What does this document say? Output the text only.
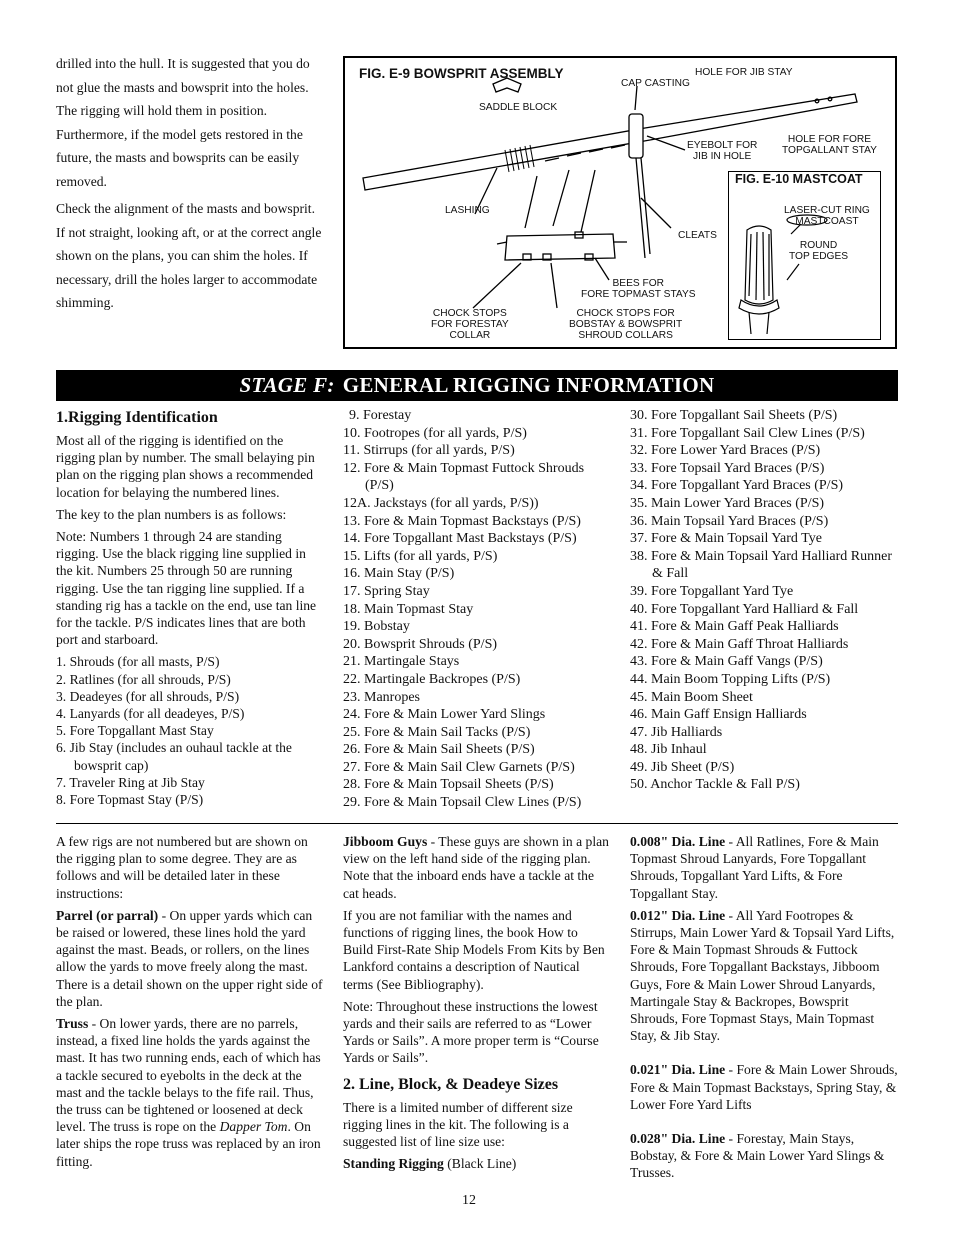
drilled into the hull. It is suggested that you do not glue the masts and bowsprit into the holes. The rigging will hold them in position. Furthermore, if the model gets restored in the future, the masts and bowsprits can be easily removed.

Check the alignment of the masts and bowsprit. If not straight, looking aft, or at the correct angle shown on the plans, you can shim the holes. If necessary, drill the holes larger to accommodate shimming.

FIG. E-9 BOWSPRIT ASSEMBLY
SADDLE BLOCK
CAP CASTING
HOLE FOR JIB STAY
EYEBOLT FOR
JIB IN HOLE
HOLE FOR FORE
TOPGALLANT STAY
LASHING
CLEATS
BEES FOR
FORE TOPMAST STAYS
CHOCK STOPS
FOR FORESTAY
COLLAR
CHOCK STOPS FOR
BOBSTAY & BOWSPRIT
SHROUD COLLARS
FIG. E-10 MASTCOAT
LASER-CUT RING
MASTCOAST
ROUND
TOP EDGES
STAGE F: GENERAL RIGGING INFORMATION
1.Rigging Identification

Most all of the rigging is identified on the rigging plan by number. The small belaying pin plan on the rigging plan shows a recommended location for belaying the numbered lines.

The key to the plan numbers is as follows:

Note: Numbers 1 through 24 are standing rigging. Use the black rigging line supplied in the kit. Numbers 25 through 50 are running rigging. Use the tan rigging line supplied. If a standing rig has a tackle on the end, use tan line for the tackle. P/S indicates lines that are both port and starboard.

1. Shrouds (for all masts, P/S)
2. Ratlines (for all shrouds, P/S)
3. Deadeyes (for all shrouds, P/S)
4. Lanyards (for all deadeyes, P/S)
5. Fore Topgallant Mast Stay
6. Jib Stay (includes an ouhaul tackle at the bowsprit cap)
7. Traveler Ring at Jib Stay
8. Fore Topmast Stay (P/S)
9. Forestay
10. Footropes (for all yards, P/S)
11. Stirrups (for all yards, P/S)
12. Fore & Main Topmast Futtock Shrouds (P/S)
12A. Jackstays (for all yards, P/S))
13. Fore & Main Topmast Backstays (P/S)
14. Fore Topgallant Mast Backstays (P/S)
15. Lifts (for all yards, P/S)
16. Main Stay (P/S)
17. Spring Stay
18. Main Topmast Stay
19. Bobstay
20. Bowsprit Shrouds (P/S)
21. Martingale Stays
22. Martingale Backropes (P/S)
23. Manropes
24. Fore & Main Lower Yard Slings
25. Fore & Main Sail Tacks (P/S)
26. Fore & Main Sail Sheets (P/S)
27. Fore & Main Sail Clew Garnets (P/S)
28. Fore & Main Topsail Sheets (P/S)
29. Fore & Main Topsail Clew Lines (P/S)
30. Fore Topgallant Sail Sheets (P/S)
31. Fore Topgallant Sail Clew Lines (P/S)
32. Fore Lower Yard Braces (P/S)
33. Fore Topsail Yard Braces (P/S)
34. Fore Topgallant Yard Braces (P/S)
35. Main Lower Yard Braces (P/S)
36. Main Topsail Yard Braces (P/S)
37. Fore & Main Topsail Yard Tye
38. Fore & Main Topsail Yard Halliard Runner & Fall
39. Fore Topgallant Yard Tye
40. Fore Topgallant Yard Halliard & Fall
41. Fore & Main Gaff Peak Halliards
42. Fore & Main Gaff Throat Halliards
43. Fore & Main Gaff Vangs (P/S)
44. Main Boom Topping Lifts (P/S)
45. Main Boom Sheet
46. Main Gaff Ensign Halliards
47. Jib Halliards
48. Jib Inhaul
49. Jib Sheet (P/S)
50. Anchor Tackle & Fall P/S)

A few rigs are not numbered but are shown on the rigging plan to some degree. They are as follows and will be detailed later in these instructions:

Parrel (or parral) - On upper yards which can be raised or lowered, these lines hold the yard against the mast. Beads, or rollers, on the lines allow the yards to move freely along the mast. There is a detail shown on the upper right side of the plan.

Truss - On lower yards, there are no parrels, instead, a fixed line holds the yards against the mast. It has two running ends, each of which has a tackle secured to eyebolts in the deck at the mast and the tackle belays to the fife rail. Thus, the truss can be tightened or loosened at deck level. The truss is rope on the Dapper Tom. On later ships the rope truss was replaced by an iron fitting.

Jibboom Guys - These guys are shown in a plan view on the left hand side of the rigging plan. Note that the inboard ends have a tackle at the cat heads.

If you are not familiar with the names and functions of rigging lines, the book How to Build First-Rate Ship Models From Kits by Ben Lankford contains a description of Nautical terms (See Bibliography).

Note: Throughout these instructions the lowest yards and their sails are referred to as “Lower Yards or Sails”. A more proper term is “Course Yards or Sails”.

2. Line, Block, & Deadeye Sizes

There is a limited number of different size rigging lines in the kit. The following is a suggested list of line size use:

Standing Rigging (Black Line)

0.008" Dia. Line - All Ratlines, Fore & Main Topmast Shroud Lanyards, Fore Topgallant Shrouds, Topgallant Yard Lifts, & Fore Topgallant Stay.

0.012" Dia. Line - All Yard Footropes & Stirrups, Main Lower Yard & Topsail Yard Lifts, Fore & Main Topmast Shrouds & Futtock Shrouds, Fore Topgallant Backstays, Jibboom Guys, Fore & Main Lower Shroud Lanyards, Martingale Stay & Backropes, Bowsprit Shrouds, Fore Topmast Stays, Main Topmast Stay, & Jib Stay.

0.021" Dia. Line - Fore & Main Lower Shrouds, Fore & Main Topmast Backstays, Spring Stay, & Lower Fore Yard Lifts

0.028" Dia. Line - Forestay, Main Stays, Bobstay, & Fore & Main Lower Yard Slings & Trusses.

12
